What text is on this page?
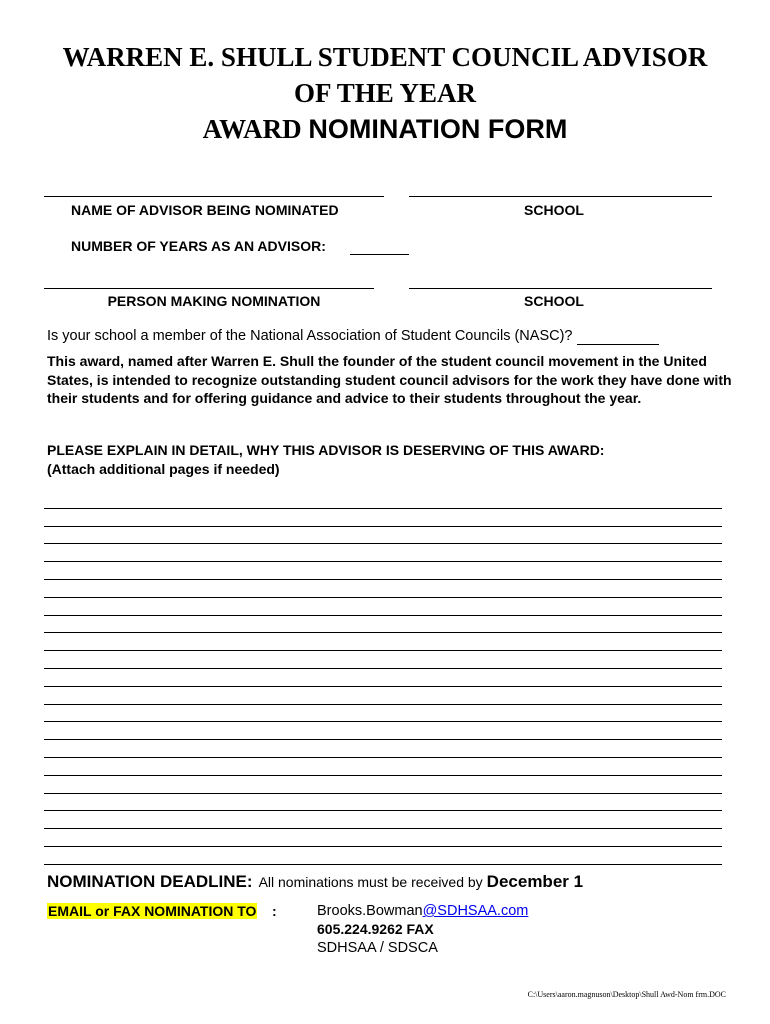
WARREN E. SHULL STUDENT COUNCIL ADVISOR
OF THE YEAR
AWARD NOMINATION FORM
NAME OF ADVISOR BEING NOMINATED	SCHOOL
NUMBER OF YEARS AS AN ADVISOR:
PERSON MAKING NOMINATION	SCHOOL
Is your school a member of the National Association of Student Councils (NASC)?
This award, named after Warren E. Shull the founder of the student council movement in the United States, is intended to recognize outstanding student council advisors for the work they have done with their students and for offering guidance and advice to their students throughout the year.
PLEASE EXPLAIN IN DETAIL, WHY THIS ADVISOR IS DESERVING OF THIS AWARD:
(Attach additional pages if needed)
NOMINATION DEADLINE: All nominations must be received by December 1
EMAIL or FAX NOMINATION TO :	Brooks.Bowman@SDHSAA.com
605.224.9262 FAX
SDHSAA / SDSCA
C:\Users\aaron.magnuson\Desktop\Shull Awd-Nom frm.DOC
